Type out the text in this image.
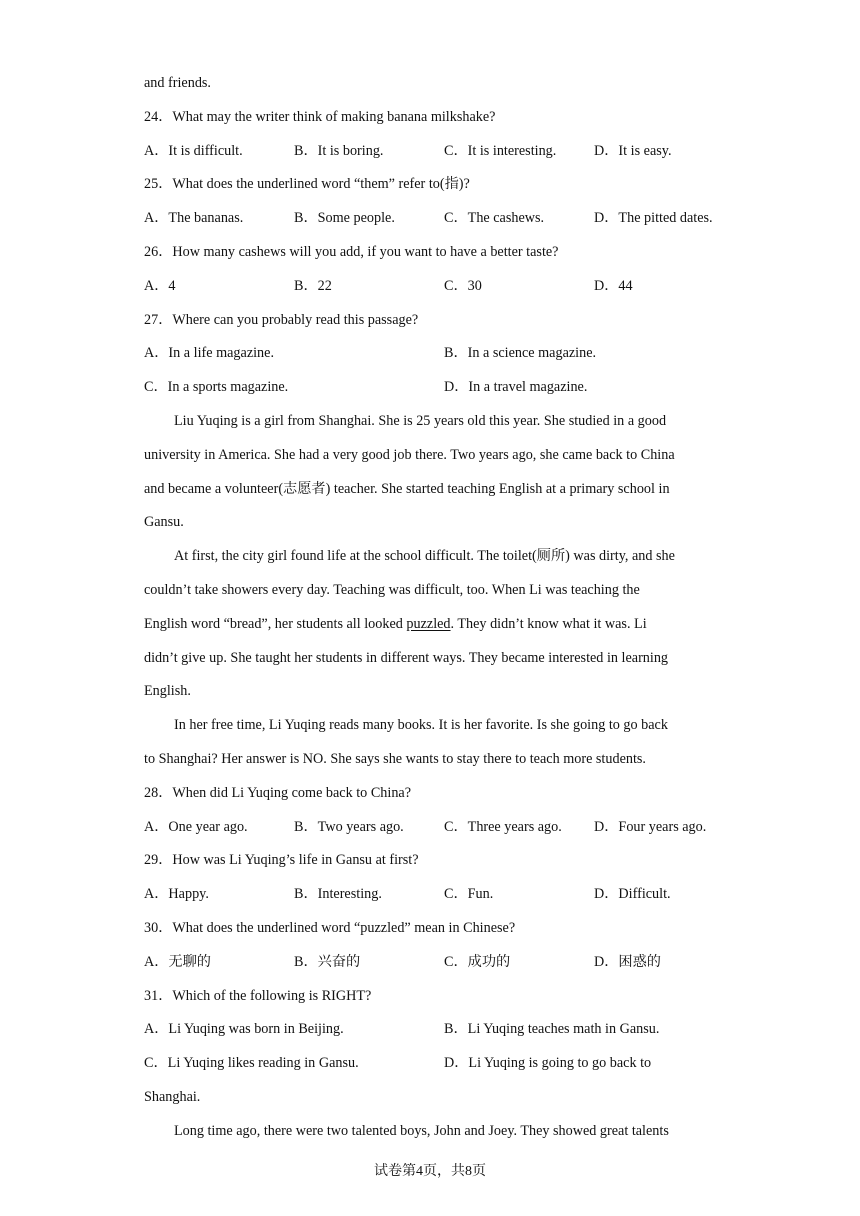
and friends.
24．What may the writer think of making banana milkshake?
A．It is difficult.	B．It is boring.	C．It is interesting.	D．It is easy.
25．What does the underlined word “them” refer to(指)?
A．The bananas.	B．Some people.	C．The cashews.	D．The pitted dates.
26．How many cashews will you add, if you want to have a better taste?
A．4	B．22	C．30	D．44
27．Where can you probably read this passage?
A．In a life magazine.	B．In a science magazine.
C．In a sports magazine.	D．In a travel magazine.
Liu Yuqing is a girl from Shanghai. She is 25 years old this year. She studied in a good
university in America. She had a very good job there. Two years ago, she came back to China
and became a volunteer(志愿者) teacher. She started teaching English at a primary school in
Gansu.
At first, the city girl found life at the school difficult. The toilet(厕所) was dirty, and she
couldn’t take showers every day. Teaching was difficult, too. When Li was teaching the
English word “bread”, her students all looked puzzled. They didn’t know what it was. Li
didn’t give up. She taught her students in different ways. They became interested in learning
English.
In her free time, Li Yuqing reads many books. It is her favorite. Is she going to go back
to Shanghai? Her answer is NO. She says she wants to stay there to teach more students.
28．When did Li Yuqing come back to China?
A．One year ago.	B．Two years ago.	C．Three years ago. D．Four years ago.
29．How was Li Yuqing’s life in Gansu at first?
A．Happy.	B．Interesting.	C．Fun.	D．Difficult.
30．What does the underlined word “puzzled” mean in Chinese?
A．无聊的	B．兴奋的	C．成功的	D．困惑的
31．Which of the following is RIGHT?
A．Li Yuqing was born in Beijing.	B．Li Yuqing teaches math in Gansu.
C．Li Yuqing likes reading in Gansu.	D．Li Yuqing is going to go back to
Shanghai.
Long time ago, there were two talented boys, John and Joey. They showed great talents
试卷第4页，共8页
